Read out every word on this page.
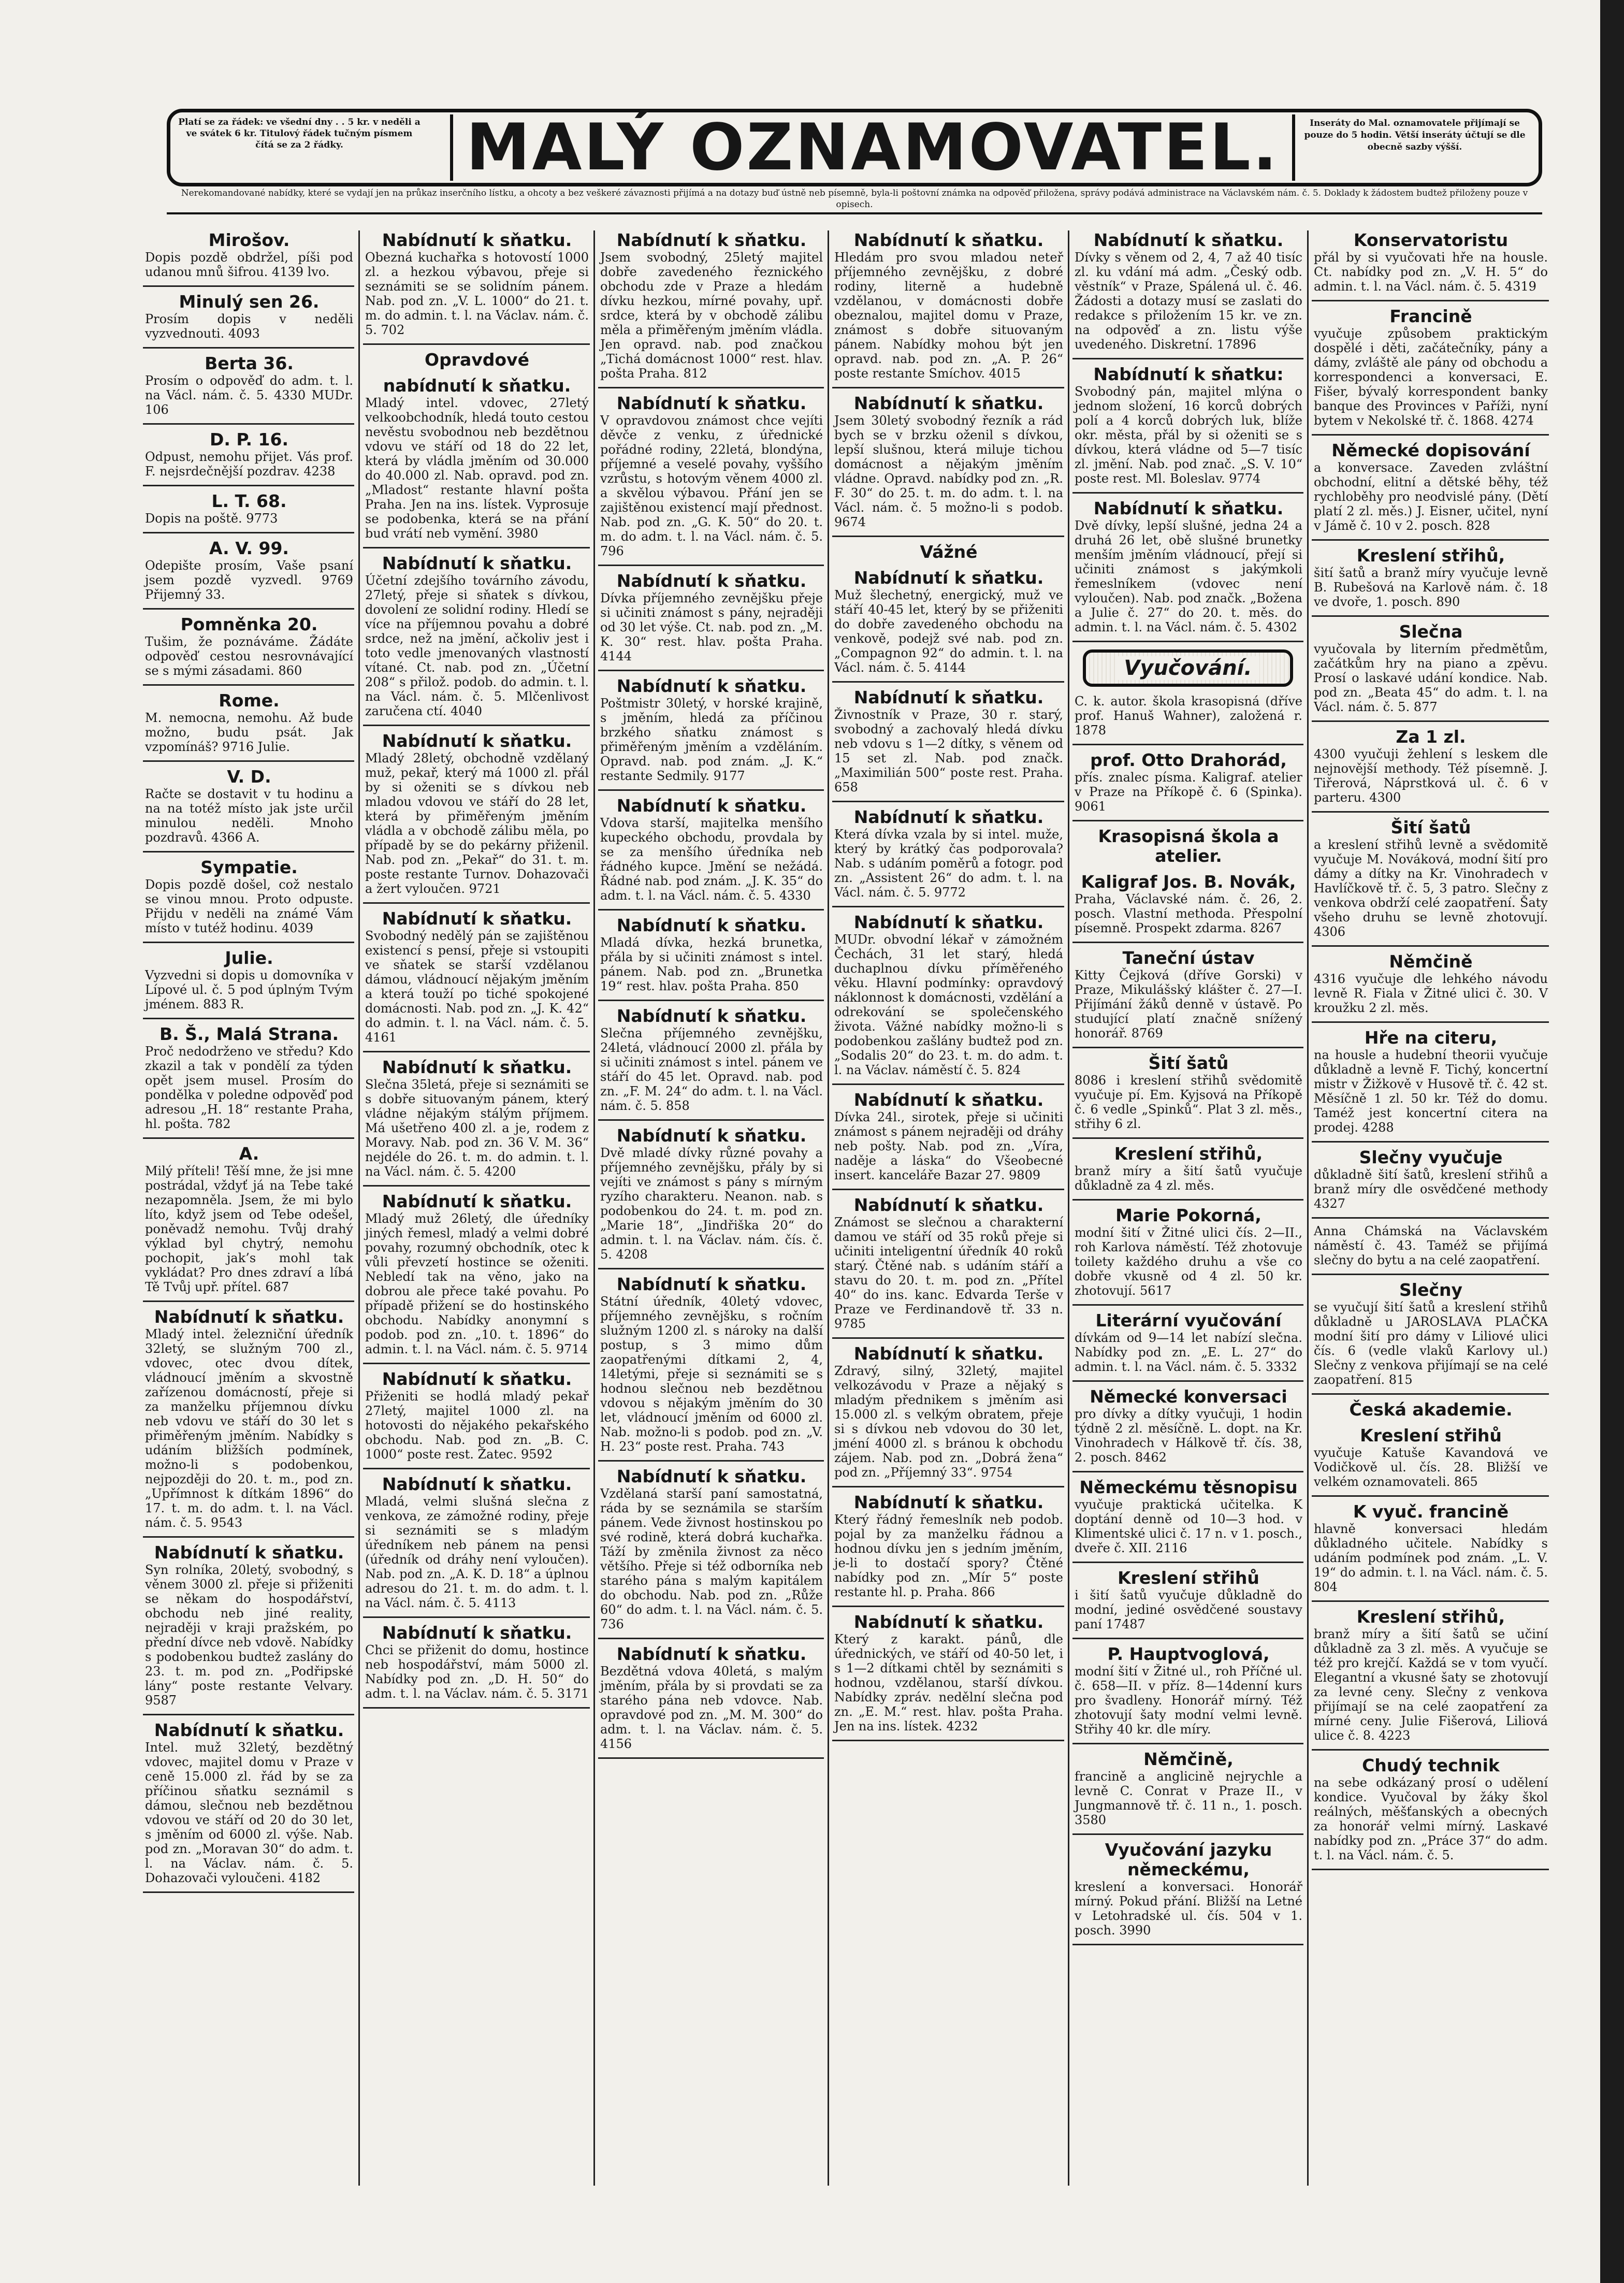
Platí se za řádek: ve všední dny . . 5 kr. v neděli a ve svátek 6 kr. Titulový řádek tučným písmem čítá se za 2 řádky.	MALÝ OZNAMOVATEL.	Inseráty do Mal. oznamovatele přijímají se pouze do 5 hodin. Větší inseráty účtují se dle obecně sazby výšší.
Nerekomandované nabídky, které se vydají jen na průkaz inserčního lístku, a ohcoty a bez veškeré závaznosti přijímá a na dotazy buď ústně neb písemně, byla-li poštovní známka na odpověď přiložena, správy podává administrace na Václavském nám. č. 5. Doklady k žádostem budtež přiloženy pouze v opisech.
Mirošov.
Dopis pozdě obdržel, píši pod udanou mnů šifrou. 4139 lvo.
Minulý sen 26.
Prosím dopis v neděli vyzvednouti. 4093
Berta 36.
Prosím o odpověď do adm. t. l. na Václ. nám. č. 5. 4330 MUDr. 106
D. P. 16.
Odpust, nemohu přijet. Vás prof. F. nejsrdečnější pozdrav. 4238
L. T. 68.
Dopis na poště. 9773
A. V. 99.
Odepište prosím, Vaše psaní jsem pozdě vyzvedl. 9769 Přijemný 33.
Pomněnka 20.
Tušim, že poznáváme. Žádáte odpověď cestou nesrovnávající se s mými zásadami. 860
Rome.
M. nemocna, nemohu. Až bude možno, budu psát. Jak vzpomínáš? 9716 Julie.
V. D.
Račte se dostavit v tu hodinu a na na totéž místo jak jste určil minulou neděli. Mnoho pozdravů. 4366 A.
Sympatie.
Dopis pozdě došel, což nestalo se vinou mnou. Proto odpuste. Přijdu v neděli na známé Vám místo v tutéž hodinu. 4039
Julie.
Vyzvedni si dopis u domovníka v Lípové ul. č. 5 pod úplným Tvým jménem. 883 R.
B. Š., Malá Strana.
Proč nedodrženo ve středu? Kdo zkazil a tak v pondělí za týden opět jsem musel. Prosím do pondělka v poledne odpověď pod adresou „H. 18“ restante Praha, hl. pošta. 782
A.
Milý příteli! Těší mne, že jsi mne postrádal, vždyť já na Tebe také nezapomněla. Jsem, že mi bylo líto, když jsem od Tebe odešel, poněvadž nemohu. Tvůj drahý výklad byl chytrý, nemohu pochopit, jak’s mohl tak vykládat? Pro dnes zdraví a líbá Tě Tvůj upř. přítel. 687
Nabídnutí k sňatku.
Mladý intel. železniční úředník 32letý, se služným 700 zl., vdovec, otec dvou dítek, vládnoucí jměním a skvostně zařízenou domácností, přeje si za manželku příjemnou dívku neb vdovu ve stáří do 30 let s přiměřeným jměním. Nabídky s udáním bližších podmínek, možno-li s podobenkou, nejpozději do 20. t. m., pod zn. „Upřímnost k dítkám 1896“ do 17. t. m. do adm. t. l. na Václ. nám. č. 5. 9543
Nabídnutí k sňatku.
Syn rolníka, 20letý, svobodný, s věnem 3000 zl. přeje si přiženiti se někam do hospodářství, obchodu neb jiné reality, nejraději v kraji pražském, po přední dívce neb vdově. Nabídky s podobenkou budtež zaslány do 23. t. m. pod zn. „Podřipské lány“ poste restante Velvary. 9587
Nabídnutí k sňatku.
Intel. muž 32letý, bezdětný vdovec, majitel domu v Praze v ceně 15.000 zl. řád by se za příčinou sňatku seznámil s dámou, slečnou neb bezdětnou vdovou ve stáří od 20 do 30 let, s jměním od 6000 zl. výše. Nab. pod zn. „Moravan 30“ do adm. t. l. na Václav. nám. č. 5. Dohazovači vyloučeni. 4182
Nabídnutí k sňatku.
Obezná kuchařka s hotovostí 1000 zl. a hezkou výbavou, přeje si seznámiti se se solidním pánem. Nab. pod zn. „V. L. 1000“ do 21. t. m. do admin. t. l. na Václav. nám. č. 5. 702
Opravdové
nabídnutí k sňatku.
Mladý intel. vdovec, 27letý velkoobchodník, hledá touto cestou nevěstu svobodnou neb bezdětnou vdovu ve stáří od 18 do 22 let, která by vládla jměním od 30.000 do 40.000 zl. Nab. opravd. pod zn. „Mladost“ restante hlavní pošta Praha. Jen na ins. lístek. Vyprosuje se podobenka, která se na přání bud vrátí neb vymění. 3980
Nabídnutí k sňatku.
Účetní zdejšího továrního závodu, 27letý, přeje si sňatek s dívkou, dovolení ze solidní rodiny. Hledí se více na příjemnou povahu a dobré srdce, než na jmění, ačkoliv jest i toto vedle jmenovaných vlastností vítané. Ct. nab. pod zn. „Účetní 208“ s přilož. podob. do admin. t. l. na Václ. nám. č. 5. Mlčenlivost zaručena ctí. 4040
Nabídnutí k sňatku.
Mladý 28letý, obchodně vzdělaný muž, pekař, který má 1000 zl. přál by si oženiti se s dívkou neb mladou vdovou ve stáří do 28 let, která by přiměřeným jměním vládla a v obchodě zálibu měla, po případě by se do pekárny přiženil. Nab. pod zn. „Pekař“ do 31. t. m. poste restante Turnov. Dohazovači a žert vyloučen. 9721
Nabídnutí k sňatku.
Svobodný nedělý pán se zajištěnou existencí s pensí, přeje si vstoupiti ve sňatek se starší vzdělanou dámou, vládnoucí nějakým jměním a která touží po tiché spokojené domácnosti. Nab. pod zn. „J. K. 42“ do admin. t. l. na Václ. nám. č. 5. 4161
Nabídnutí k sňatku.
Slečna 35letá, přeje si seznámiti se s dobře situovaným pánem, který vládne nějakým stálým příjmem. Má ušetřeno 400 zl. a je, rodem z Moravy. Nab. pod zn. 36 V. M. 36“ nejdéle do 26. t. m. do admin. t. l. na Václ. nám. č. 5. 4200
Nabídnutí k sňatku.
Mladý muž 26letý, dle úředníky jiných řemesl, mladý a velmi dobré povahy, rozumný obchodník, otec k vůli převzetí hostince se oženiti. Nebledí tak na věno, jako na dobrou ale přece také povahu. Po případě přižení se do hostinského obchodu. Nabídky anonymní s podob. pod zn. „10. t. 1896“ do admin. t. l. na Václ. nám. č. 5. 9714
Nabídnutí k sňatku.
Přiženiti se hodlá mladý pekař 27letý, majitel 1000 zl. na hotovosti do nějakého pekařského obchodu. Nab. pod zn. „B. C. 1000“ poste rest. Žatec. 9592
Nabídnutí k sňatku.
Mladá, velmi slušná slečna z venkova, ze zámožné rodiny, přeje si seznámiti se s mladým úředníkem neb pánem na pensi (úředník od dráhy není vyloučen). Nab. pod zn. „A. K. D. 18“ a úplnou adresou do 21. t. m. do adm. t. l. na Václ. nám. č. 5. 4113
Nabídnutí k sňatku.
Chci se přiženit do domu, hostince neb hospodářství, mám 5000 zl. Nabídky pod zn. „D. H. 50“ do adm. t. l. na Václav. nám. č. 5. 3171
Nabídnutí k sňatku.
Jsem svobodný, 25letý majitel dobře zavedeného řeznického obchodu zde v Praze a hledám dívku hezkou, mírné povahy, upř. srdce, která by v obchodě zálibu měla a přiměřeným jměním vládla. Jen opravd. nab. pod značkou „Tichá domácnost 1000“ rest. hlav. pošta Praha. 812
Nabídnutí k sňatku.
V opravdovou známost chce vejíti děvče z venku, z úřednické pořádné rodiny, 22letá, blondýna, příjemné a veselé povahy, vyššího vzrůstu, s hotovým věnem 4000 zl. a skvělou výbavou. Přání jen se zajištěnou existencí mají přednost. Nab. pod zn. „G. K. 50“ do 20. t. m. do adm. t. l. na Václ. nám. č. 5. 796
Nabídnutí k sňatku.
Dívka příjemného zevnějšku přeje si učiniti známost s pány, nejraději od 30 let výše. Ct. nab. pod zn. „M. K. 30“ rest. hlav. pošta Praha. 4144
Nabídnutí k sňatku.
Poštmistr 30letý, v horské krajině, s jměním, hledá za příčinou brzkého sňatku známost s přiměřeným jměním a vzděláním. Opravd. nab. pod znám. „J. K.“ restante Sedmily. 9177
Nabídnutí k sňatku.
Vdova starší, majitelka menšího kupeckého obchodu, provdala by se za menšího úředníka neb řádného kupce. Jmění se nežádá. Řádné nab. pod znám. „J. K. 35“ do adm. t. l. na Václ. nám. č. 5. 4330
Nabídnutí k sňatku.
Mladá dívka, hezká brunetka, přála by si učiniti známost s intel. pánem. Nab. pod zn. „Brunetka 19“ rest. hlav. pošta Praha. 850
Nabídnutí k sňatku.
Slečna příjemného zevnějšku, 24letá, vládnoucí 2000 zl. přála by si učiniti známost s intel. pánem ve stáří do 45 let. Opravd. nab. pod zn. „F. M. 24“ do adm. t. l. na Václ. nám. č. 5. 858
Nabídnutí k sňatku.
Dvě mladé dívky různé povahy a příjemného zevnějšku, přály by si vejíti ve známost s pány s mírným ryzího charakteru. Neanon. nab. s podobenkou do 24. t. m. pod zn. „Marie 18“, „Jindřiška 20“ do admin. t. l. na Václav. nám. čís. č. 5. 4208
Nabídnutí k sňatku.
Státní úředník, 40letý vdovec, příjemného zevnějšku, s ročním služným 1200 zl. s nároky na další postup, s 3 mimo dům zaopatřenými dítkami 2, 4, 14letými, přeje si seznámiti se s hodnou slečnou neb bezdětnou vdovou s nějakým jměním do 30 let, vládnoucí jměním od 6000 zl. Nab. možno-li s podob. pod zn. „V. H. 23“ poste rest. Praha. 743
Nabídnutí k sňatku.
Vzdělaná starší paní samostatná, ráda by se seznámila se starším pánem. Vede živnost hostinskou po své rodině, která dobrá kuchařka. Táží by změnila živnost za něco většího. Přeje si též odborníka neb starého pána s malým kapitálem do obchodu. Nab. pod zn. „Růže 60“ do adm. t. l. na Václ. nám. č. 5. 736
Nabídnutí k sňatku.
Bezdětná vdova 40letá, s malým jměním, přála by si provdati se za starého pána neb vdovce. Nab. opravdové pod zn. „M. M. 300“ do adm. t. l. na Václav. nám. č. 5. 4156
Nabídnutí k sňatku.
Hledám pro svou mladou neteř příjemného zevnějšku, z dobré rodiny, literně a hudebně vzdělanou, v domácnosti dobře obeznalou, majitel domu v Praze, známost s dobře situovaným pánem. Nabídky mohou být jen opravd. nab. pod zn. „A. P. 26“ poste restante Smíchov. 4015
Nabídnutí k sňatku.
Jsem 30letý svobodný řezník a rád bych se v brzku oženil s dívkou, lepší slušnou, která miluje tichou domácnost a nějakým jměním vládne. Opravd. nabídky pod zn. „R. F. 30“ do 25. t. m. do adm. t. l. na Václ. nám. č. 5 možno-li s podob. 9674
Vážné
Nabídnutí k sňatku.
Muž šlechetný, energický, muž ve stáří 40-45 let, který by se přiženiti do dobře zavedeného obchodu na venkově, podejž své nab. pod zn. „Compagnon 92“ do admin. t. l. na Václ. nám. č. 5. 4144
Nabídnutí k sňatku.
Živnostník v Praze, 30 r. starý, svobodný a zachovalý hledá dívku neb vdovu s 1—2 dítky, s věnem od 15 set zl. Nab. pod značk. „Maximilián 500“ poste rest. Praha. 658
Nabídnutí k sňatku.
Která dívka vzala by si intel. muže, který by krátký čas podporovala? Nab. s udáním poměrů a fotogr. pod zn. „Assistent 26“ do adm. t. l. na Václ. nám. č. 5. 9772
Nabídnutí k sňatku.
MUDr. obvodní lékař v zámožném Čechách, 31 let starý, hledá duchaplnou dívku příměřeného věku. Hlavní podmínky: opravdový náklonnost k domácnosti, vzdělání a odrekování se společenského života. Vážné nabídky možno-li s podobenkou zašlány budtež pod zn. „Sodalis 20“ do 23. t. m. do adm. t. l. na Václav. náměstí č. 5. 824
Nabídnutí k sňatku.
Dívka 24l., sirotek, přeje si učiniti známost s pánem nejraději od dráhy neb pošty. Nab. pod zn. „Víra, naděje a láska“ do Všeobecné insert. kanceláře Bazar 27. 9809
Nabídnutí k sňatku.
Známost se slečnou a charakterní damou ve stáří od 35 roků přeje si učiniti inteligentní úředník 40 roků starý. Čtěné nab. s udáním stáří a stavu do 20. t. m. pod zn. „Přítel 40“ do ins. kanc. Edvarda Terše v Praze ve Ferdinandově tř. 33 n. 9785
Nabídnutí k sňatku.
Zdravý, silný, 32letý, majitel velkozávodu v Praze a nějaký s mladým přednikem s jměním asi 15.000 zl. s velkým obratem, přeje si s dívkou neb vdovou do 30 let, jméní 4000 zl. s bránou k obchodu zájem. Nab. pod zn. „Dobrá žena“ pod zn. „Příjemný 33“. 9754
Nabídnutí k sňatku.
Který řádný řemeslník neb podob. pojal by za manželku řádnou a hodnou dívku jen s jedním jměním, je-li to dostačí spory? Čtěné nabídky pod zn. „Mír 5“ poste restante hl. p. Praha. 866
Nabídnutí k sňatku.
Který z karakt. pánů, dle úřednických, ve stáří od 40-50 let, i s 1—2 dítkami chtěl by seznámiti s hodnou, vzdělanou, starší dívkou. Nabídky zpráv. nedělní slečna pod zn. „E. M.“ rest. hlav. pošta Praha. Jen na ins. lístek. 4232
Nabídnutí k sňatku.
Dívky s věnem od 2, 4, 7 až 40 tisíc zl. ku vdání má adm. „Český odb. věstník“ v Praze, Spálená ul. č. 46. Žádosti a dotazy musí se zaslati do redakce s přiložením 15 kr. ve zn. na odpověď a zn. listu výše uvedeného. Diskretní. 17896
Nabídnutí k sňatku:
Svobodný pán, majitel mlýna o jednom složení, 16 korců dobrých polí a 4 korců dobrých luk, blíže okr. města, přál by si oženiti se s dívkou, která vládne od 5—7 tisíc zl. jmění. Nab. pod znač. „S. V. 10“ poste rest. Ml. Boleslav. 9774
Nabídnutí k sňatku.
Dvě dívky, lepší slušné, jedna 24 a druhá 26 let, obě slušné brunetky menším jměním vládnoucí, přejí si učiniti známost s jakýmkoli řemeslníkem (vdovec není vyloučen). Nab. pod značk. „Božena a Julie č. 27“ do 20. t. měs. do admin. t. l. na Václ. nám. č. 5. 4302
Vyučování.
C. k. autor. škola krasopisná (dříve prof. Hanuš Wahner), založená r. 1878
prof. Otto Drahorád,
přís. znalec písma. Kaligraf. atelier v Praze na Příkopě č. 6 (Spinka). 9061
Krasopisná škola a atelier.
Kaligraf Jos. B. Novák,
Praha, Václavské nám. č. 26, 2. posch. Vlastní methoda. Přespolní písemně. Prospekt zdarma. 8267
Taneční ústav
Kitty Čejková (dříve Gorski) v Praze, Mikulášský klášter č. 27—I. Přijímání žáků denně v ústavě. Po studující platí značně snížený honorář. 8769
Šití šatů
8086 i kreslení střihů svědomitě vyučuje pí. Em. Kyjsová na Příkopě č. 6 vedle „Spinků“. Plat 3 zl. měs., střihy 6 zl.
Kreslení střihů,
branž míry a šití šatů vyučuje důkladně za 4 zl. měs.
Marie Pokorná,
modní šití v Žitné ulici čís. 2—II., roh Karlova náměstí. Též zhotovuje toilety každého druhu a vše co dobře vkusně od 4 zl. 50 kr. zhotovují. 5617
Literární vyučování
dívkám od 9—14 let nabízí slečna. Nabídky pod zn. „E. L. 27“ do admin. t. l. na Václ. nám. č. 5. 3332
Německé konversaci
pro dívky a dítky vyučuji, 1 hodin týdně 2 zl. měsíčně. L. dopt. na Kr. Vinohradech v Hálkově tř. čís. 38, 2. posch. 8462
Německému těsnopisu
vyučuje praktická učitelka. K doptání denně od 10—3 hod. v Klimentské ulici č. 17 n. v 1. posch., dveře č. XII. 2116
Kreslení střihů
i šití šatů vyučuje důkladně do modní, jediné osvědčené soustavy paní 17487
P. Hauptvoglová,
modní šití v Žitné ul., roh Příčné ul. č. 658—II. v příz. 8—14denní kurs pro švadleny. Honorář mírný. Též zhotovují šaty modní velmi levně. Střihy 40 kr. dle míry.
Němčině,
francině a anglicině nejrychle a levně C. Conrat v Praze II., v Jungmannově tř. č. 11 n., 1. posch. 3580
Vyučování jazyku německému,
kreslení a konversaci. Honorář mírný. Pokud přání. Bližší na Letné v Letohradské ul. čís. 504 v 1. posch. 3990
Konservatoristu
přál by si vyučovati hře na housle. Ct. nabídky pod zn. „V. H. 5“ do admin. t. l. na Václ. nám. č. 5. 4319
Francině
vyučuje způsobem praktickým dospělé i děti, začátečníky, pány a dámy, zvláště ale pány od obchodu a korrespondenci a konversaci, E. Fišer, bývalý korrespondent banky banque des Provinces v Paříži, nyní bytem v Nekolské tř. č. 1868. 4274
Německé dopisování
a konversace. Zaveden zvláštní obchodní, elitní a dětské běhy, též rychloběhy pro neodvislé pány. (Dětí platí 2 zl. měs.) J. Eisner, učitel, nyní v Jámě č. 10 v 2. posch. 828
Kreslení střihů,
šití šatů a branž míry vyučuje levně B. Rubešová na Karlově nám. č. 18 ve dvoře, 1. posch. 890
Slečna
vyučovala by literním předmětům, začátkům hry na piano a zpěvu. Prosí o laskavé udání kondice. Nab. pod zn. „Beata 45“ do adm. t. l. na Václ. nám. č. 5. 877
Za 1 zl.
4300 vyučuji žehlení s leskem dle nejnovější methody. Též písemně. J. Tiřerová, Náprstková ul. č. 6 v parteru. 4300
Šití šatů
a kreslení střihů levně a svědomitě vyučuje M. Nováková, modní šití pro dámy a dítky na Kr. Vinohradech v Havlíčkově tř. č. 5, 3 patro. Slečny z venkova obdrží celé zaopatření. Šaty všeho druhu se levně zhotovují. 4306
Němčině
4316 vyučuje dle lehkého návodu levně R. Fiala v Žitné ulici č. 30. V kroužku 2 zl. měs.
Hře na citeru,
na housle a hudební theorii vyučuje důkladně a levně F. Tichý, koncertní mistr v Žižkově v Husově tř. č. 42 st. Měsíčně 1 zl. 50 kr. Též do domu. Taméž jest koncertní citera na prodej. 4288
Slečny vyučuje
důkladně šití šatů, kreslení střihů a branž míry dle osvědčené methody 4327
Anna Chámská na Václavském náměstí č. 43. Taméž se přijímá slečny do bytu a na celé zaopatření.
Slečny
se vyučují šití šatů a kreslení střihů důkladně u JAROSLAVA PLAČKA modní šití pro dámy v Liliové ulici čís. 6 (vedle vlaků Karlovy ul.) Slečny z venkova přijímají se na celé zaopatření. 815
Česká akademie.
Kreslení střihů
vyučuje Katuše Kavandová ve Vodičkově ul. čís. 28. Bližší ve velkém oznamovateli. 865
K vyuč. francině
hlavně konversaci hledám důkladného učitele. Nabídky s udáním podmínek pod znám. „L. V. 19“ do admin. t. l. na Václ. nám. č. 5. 804
Kreslení střihů,
branž míry a šití šatů se učiní důkladně za 3 zl. měs. A vyučuje se též pro krejčí. Každá se v tom vyučí. Elegantní a vkusné šaty se zhotovují za levné ceny. Slečny z venkova přijímají se na celé zaopatření za mírné ceny. Julie Fišerová, Liliová ulice č. 8. 4223
Chudý technik
na sebe odkázaný prosí o udělení kondice. Vyučoval by žáky škol reálných, měšťanských a obecných za honorář velmi mírný. Laskavé nabídky pod zn. „Práce 37“ do adm. t. l. na Václ. nám. č. 5.
